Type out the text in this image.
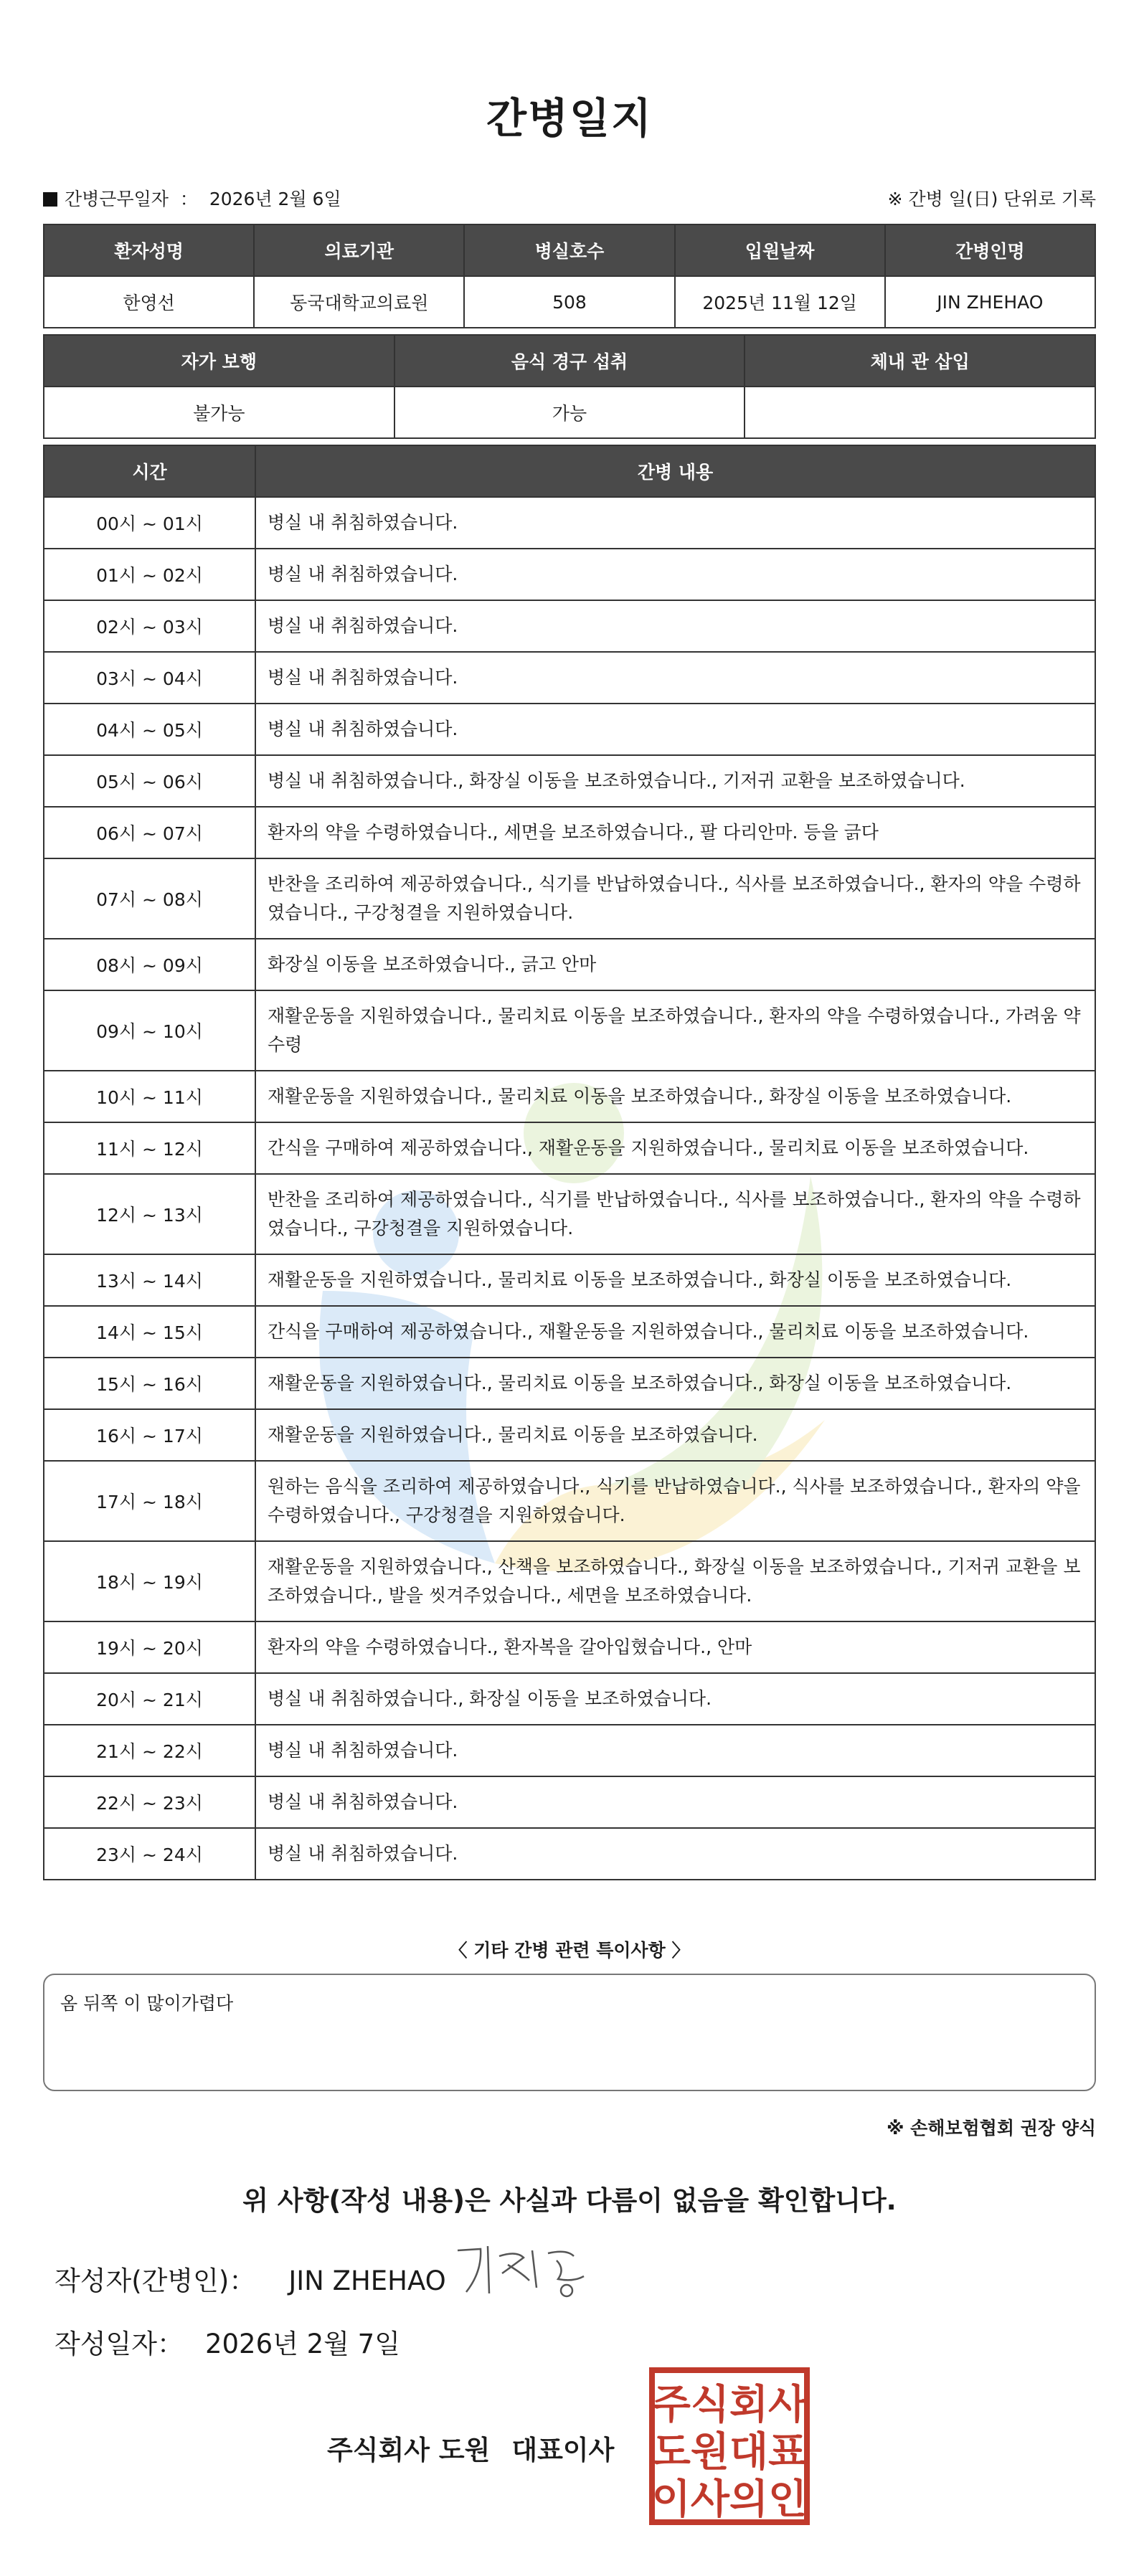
간병일지
간병근무일자 ： 2026년 2월 6일	※ 간병 일(日) 단위로 기록
환자성명	의료기관	병실호수	입원날짜	간병인명
한영선	동국대학교의료원	508	2025년 11월 12일	JIN ZHEHAO
자가 보행	음식 경구 섭취	체내 관 삽입
불가능	가능	
시간	간병 내용
00시 ~ 01시	병실 내 취침하였습니다.
01시 ~ 02시	병실 내 취침하였습니다.
02시 ~ 03시	병실 내 취침하였습니다.
03시 ~ 04시	병실 내 취침하였습니다.
04시 ~ 05시	병실 내 취침하였습니다.
05시 ~ 06시	병실 내 취침하였습니다., 화장실 이동을 보조하였습니다., 기저귀 교환을 보조하였습니다.
06시 ~ 07시	환자의 약을 수령하였습니다., 세면을 보조하였습니다., 팔 다리안마. 등을 긁다
07시 ~ 08시	반찬을 조리하여 제공하였습니다., 식기를 반납하였습니다., 식사를 보조하였습니다., 환자의 약을 수령하였습니다., 구강청결을 지원하였습니다.
08시 ~ 09시	화장실 이동을 보조하였습니다., 긁고 안마
09시 ~ 10시	재활운동을 지원하였습니다., 물리치료 이동을 보조하였습니다., 환자의 약을 수령하였습니다., 가려움 약 수령
10시 ~ 11시	재활운동을 지원하였습니다., 물리치료 이동을 보조하였습니다., 화장실 이동을 보조하였습니다.
11시 ~ 12시	간식을 구매하여 제공하였습니다., 재활운동을 지원하였습니다., 물리치료 이동을 보조하였습니다.
12시 ~ 13시	반찬을 조리하여 제공하였습니다., 식기를 반납하였습니다., 식사를 보조하였습니다., 환자의 약을 수령하였습니다., 구강청결을 지원하였습니다.
13시 ~ 14시	재활운동을 지원하였습니다., 물리치료 이동을 보조하였습니다., 화장실 이동을 보조하였습니다.
14시 ~ 15시	간식을 구매하여 제공하였습니다., 재활운동을 지원하였습니다., 물리치료 이동을 보조하였습니다.
15시 ~ 16시	재활운동을 지원하였습니다., 물리치료 이동을 보조하였습니다., 화장실 이동을 보조하였습니다.
16시 ~ 17시	재활운동을 지원하였습니다., 물리치료 이동을 보조하였습니다.
17시 ~ 18시	원하는 음식을 조리하여 제공하였습니다., 식기를 반납하였습니다., 식사를 보조하였습니다., 환자의 약을 수령하였습니다., 구강청결을 지원하였습니다.
18시 ~ 19시	재활운동을 지원하였습니다., 산책을 보조하였습니다., 화장실 이동을 보조하였습니다., 기저귀 교환을 보조하였습니다., 발을 씻겨주었습니다., 세면을 보조하였습니다.
19시 ~ 20시	환자의 약을 수령하였습니다., 환자복을 갈아입혔습니다., 안마
20시 ~ 21시	병실 내 취침하였습니다., 화장실 이동을 보조하였습니다.
21시 ~ 22시	병실 내 취침하였습니다.
22시 ~ 23시	병실 내 취침하였습니다.
23시 ~ 24시	병실 내 취침하였습니다.
〈 기타 간병 관련 특이사항 〉
옴 뒤쪽 이 많이가렵다
※ 손해보험협회 권장 양식
위 사항(작성 내용)은 사실과 다름이 없음을 확인합니다.
작성자(간병인)： JIN ZHEHAO
작성일자： 2026년 2월 7일
주식회사 도원 대표이사
주식회사
도원대표
이사의인
